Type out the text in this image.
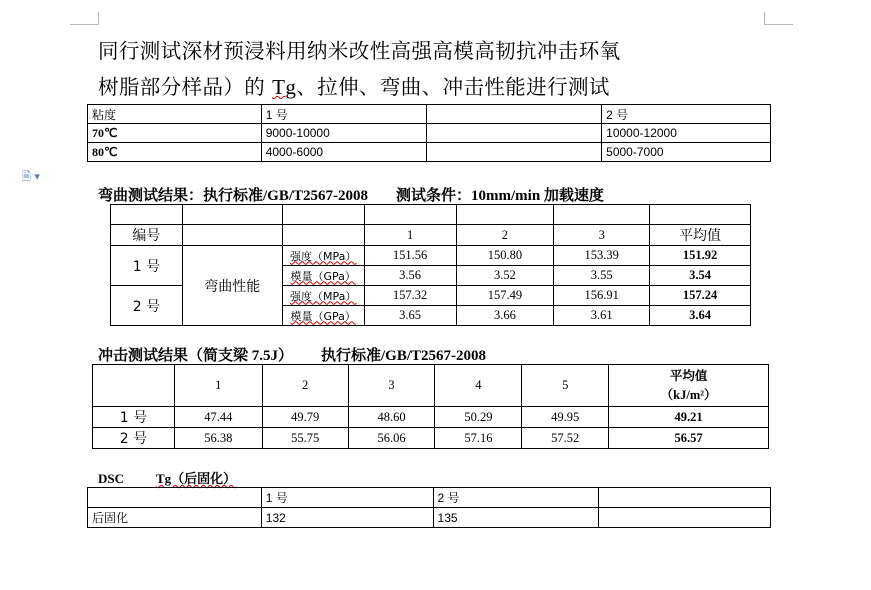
🗎 ▾
同行测试深材预浸料用纳米改性高强高模高韧抗冲击环氧
树脂部分样品）的 Tg、拉伸、弯曲、冲击性能进行测试
粘度	1 号		2 号
70℃	9000-10000		10000-12000
80℃	4000-6000		5000-7000
弯曲测试结果：执行标准/GB/T2567-2008 测试条件：10mm/min 加载速度

编号			1	2	3	平均值
1 号	弯曲性能	强度（MPa）	151.56	150.80	153.39	151.92
		模量（GPa）	3.56	3.52	3.55	3.54
2 号		强度（MPa）	157.32	157.49	156.91	157.24
		模量（GPa）	3.65	3.66	3.61	3.64
冲击测试结果（简支梁 7.5J） 执行标准/GB/T2567-2008
	1	2	3	4	5	平均值
（kJ/m²）

1 号	47.44	49.79	48.60	50.29	49.95	49.21
2 号	56.38	55.75	56.06	57.16	57.52	56.57
DSC Tg（后固化）
	1 号	2 号	
后固化	132	135	
